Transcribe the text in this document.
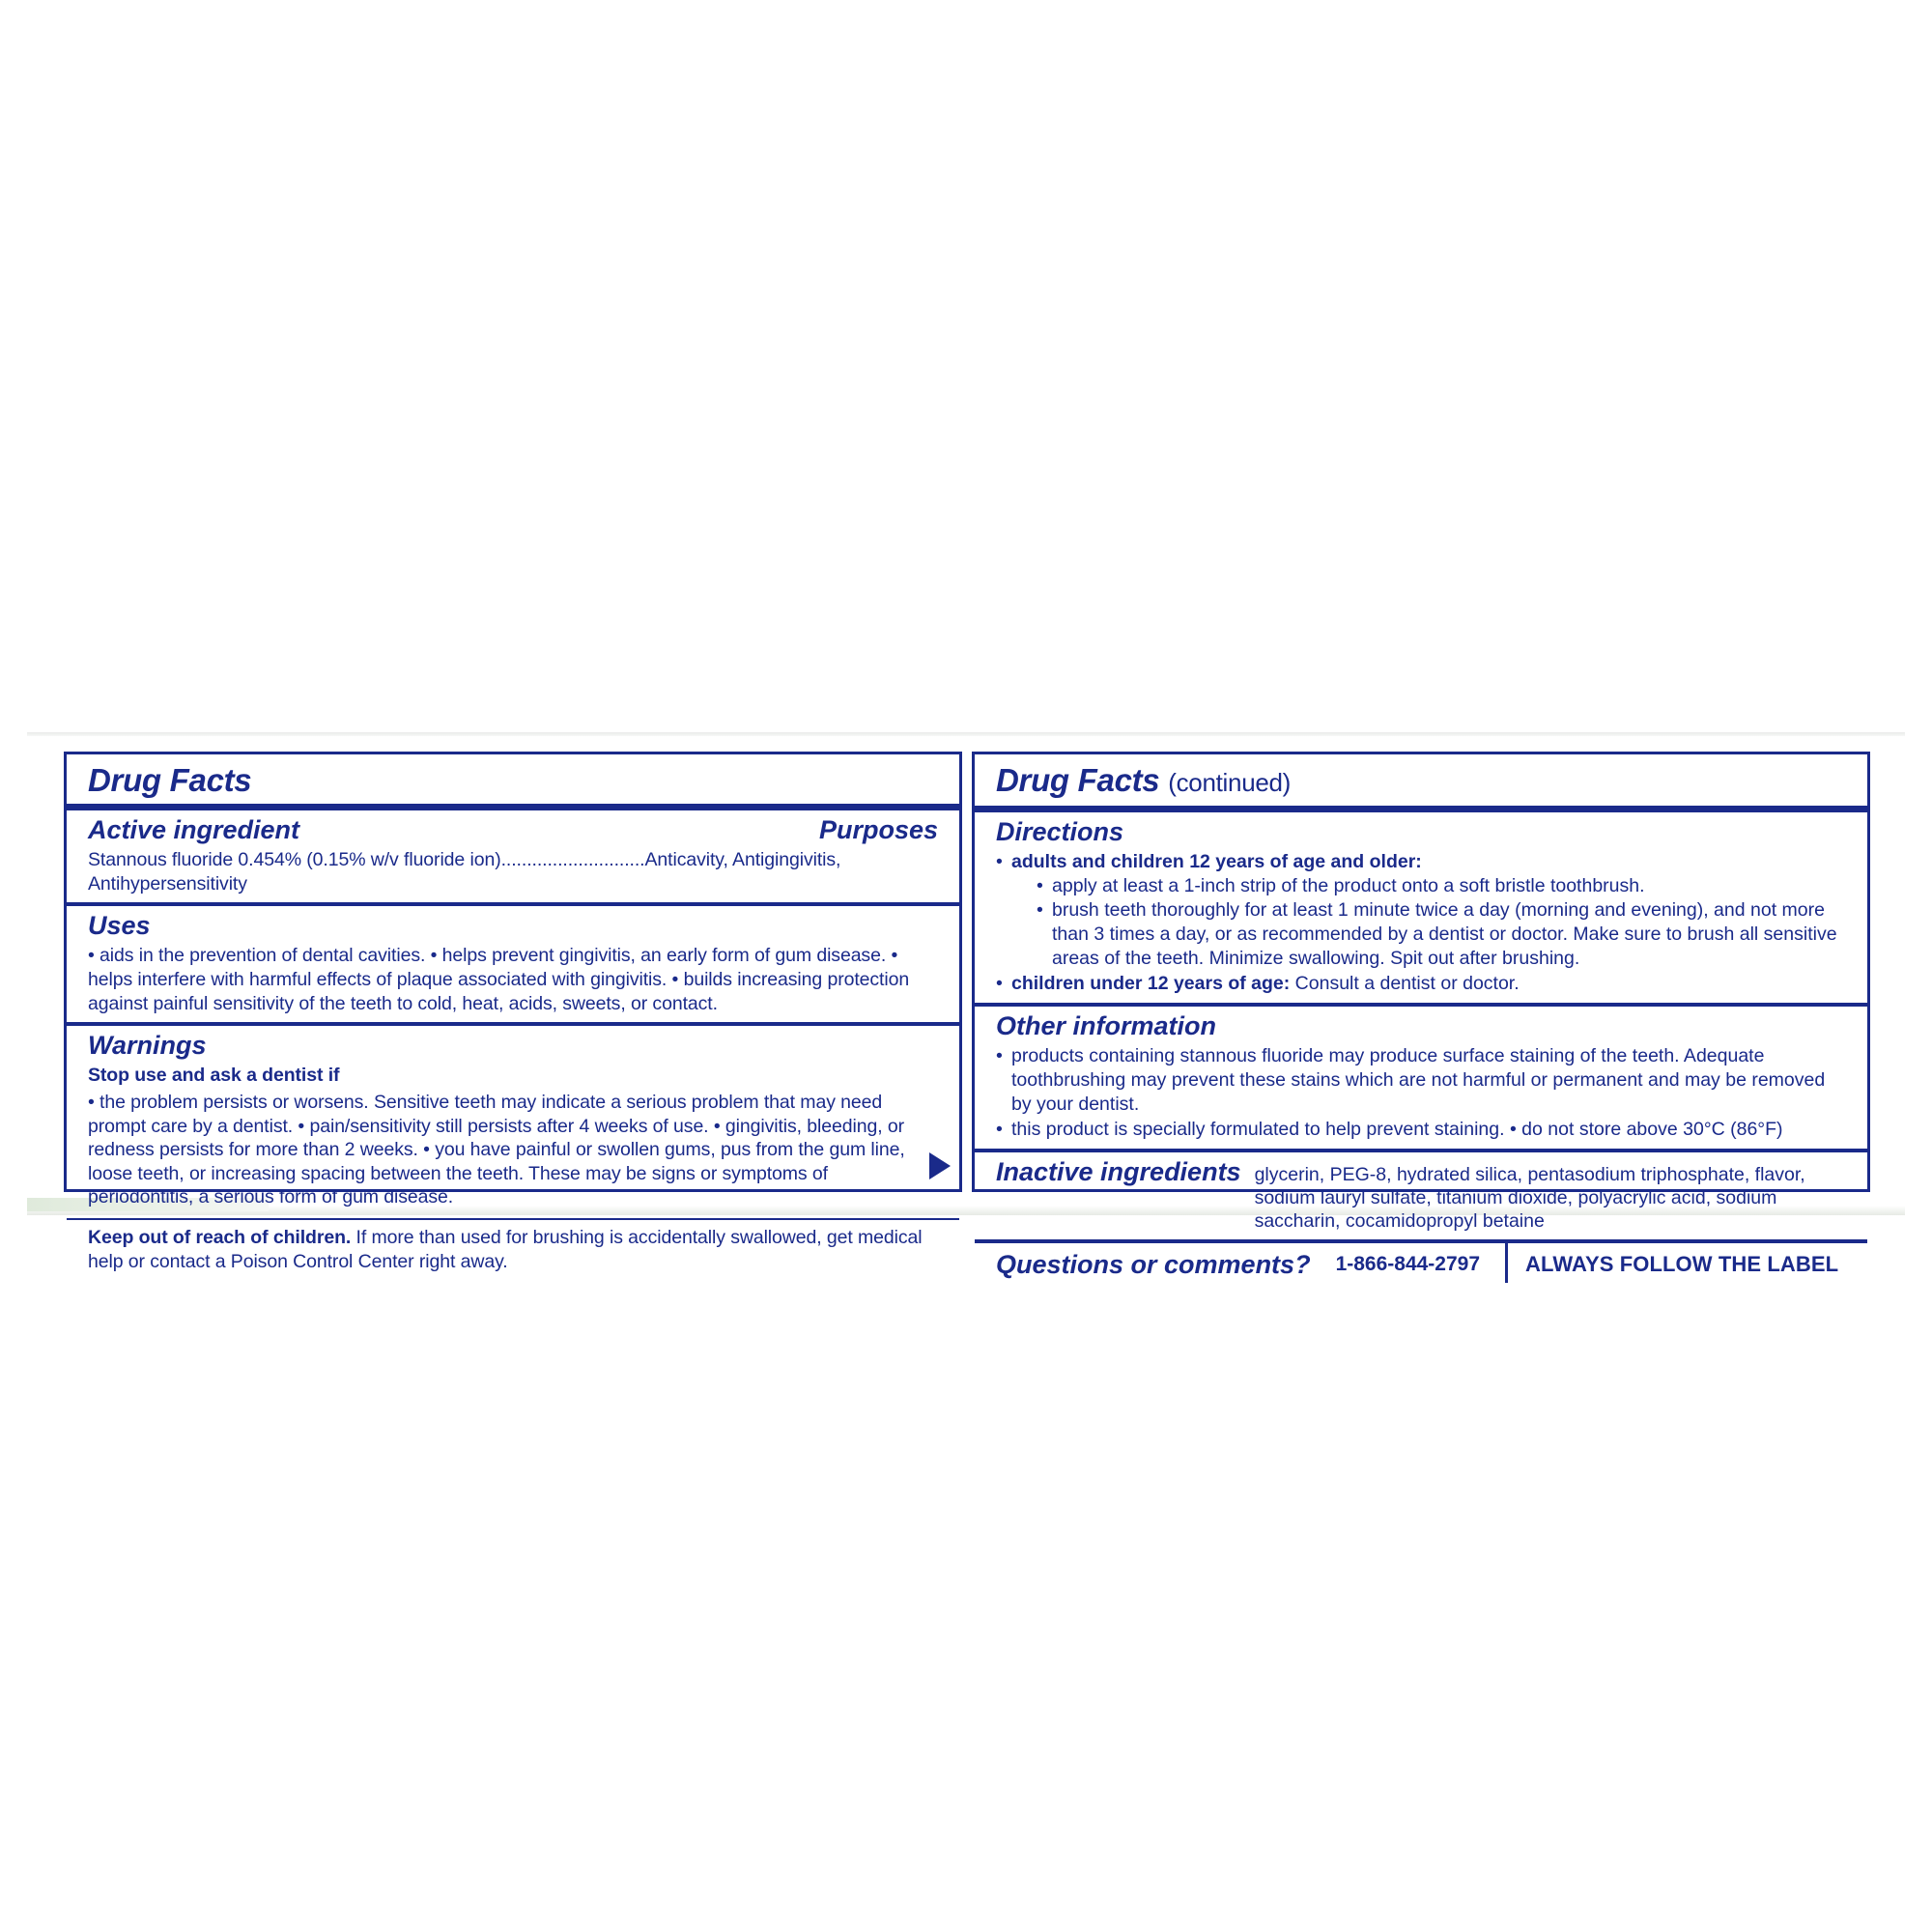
Drug Facts
Active ingredient	Purposes
Stannous fluoride 0.454% (0.15% w/v fluoride ion)............................Anticavity, Antigingivitis, Antihypersensitivity
Uses
• aids in the prevention of dental cavities. • helps prevent gingivitis, an early form of gum disease. • helps interfere with harmful effects of plaque associated with gingivitis. • builds increasing protection against painful sensitivity of the teeth to cold, heat, acids, sweets, or contact.
Warnings
Stop use and ask a dentist if
• the problem persists or worsens. Sensitive teeth may indicate a serious problem that may need prompt care by a dentist. • pain/sensitivity still persists after 4 weeks of use. • gingivitis, bleeding, or redness persists for more than 2 weeks. • you have painful or swollen gums, pus from the gum line, loose teeth, or increasing spacing between the teeth. These may be signs or symptoms of periodontitis, a serious form of gum disease.
Keep out of reach of children. If more than used for brushing is accidentally swallowed, get medical help or contact a Poison Control Center right away.
Drug Facts (continued)
Directions
• adults and children 12 years of age and older:
• apply at least a 1-inch strip of the product onto a soft bristle toothbrush.
• brush teeth thoroughly for at least 1 minute twice a day (morning and evening), and not more than 3 times a day, or as recommended by a dentist or doctor. Make sure to brush all sensitive areas of the teeth. Minimize swallowing. Spit out after brushing.
• children under 12 years of age: Consult a dentist or doctor.
Other information
• products containing stannous fluoride may produce surface staining of the teeth. Adequate toothbrushing may prevent these stains which are not harmful or permanent and may be removed by your dentist.
• this product is specially formulated to help prevent staining. • do not store above 30°C (86°F)
Inactive ingredients glycerin, PEG-8, hydrated silica, pentasodium triphosphate, flavor, sodium lauryl sulfate, titanium dioxide, polyacrylic acid, sodium saccharin, cocamidopropyl betaine
Questions or comments? 1-866-844-2797 ALWAYS FOLLOW THE LABEL
